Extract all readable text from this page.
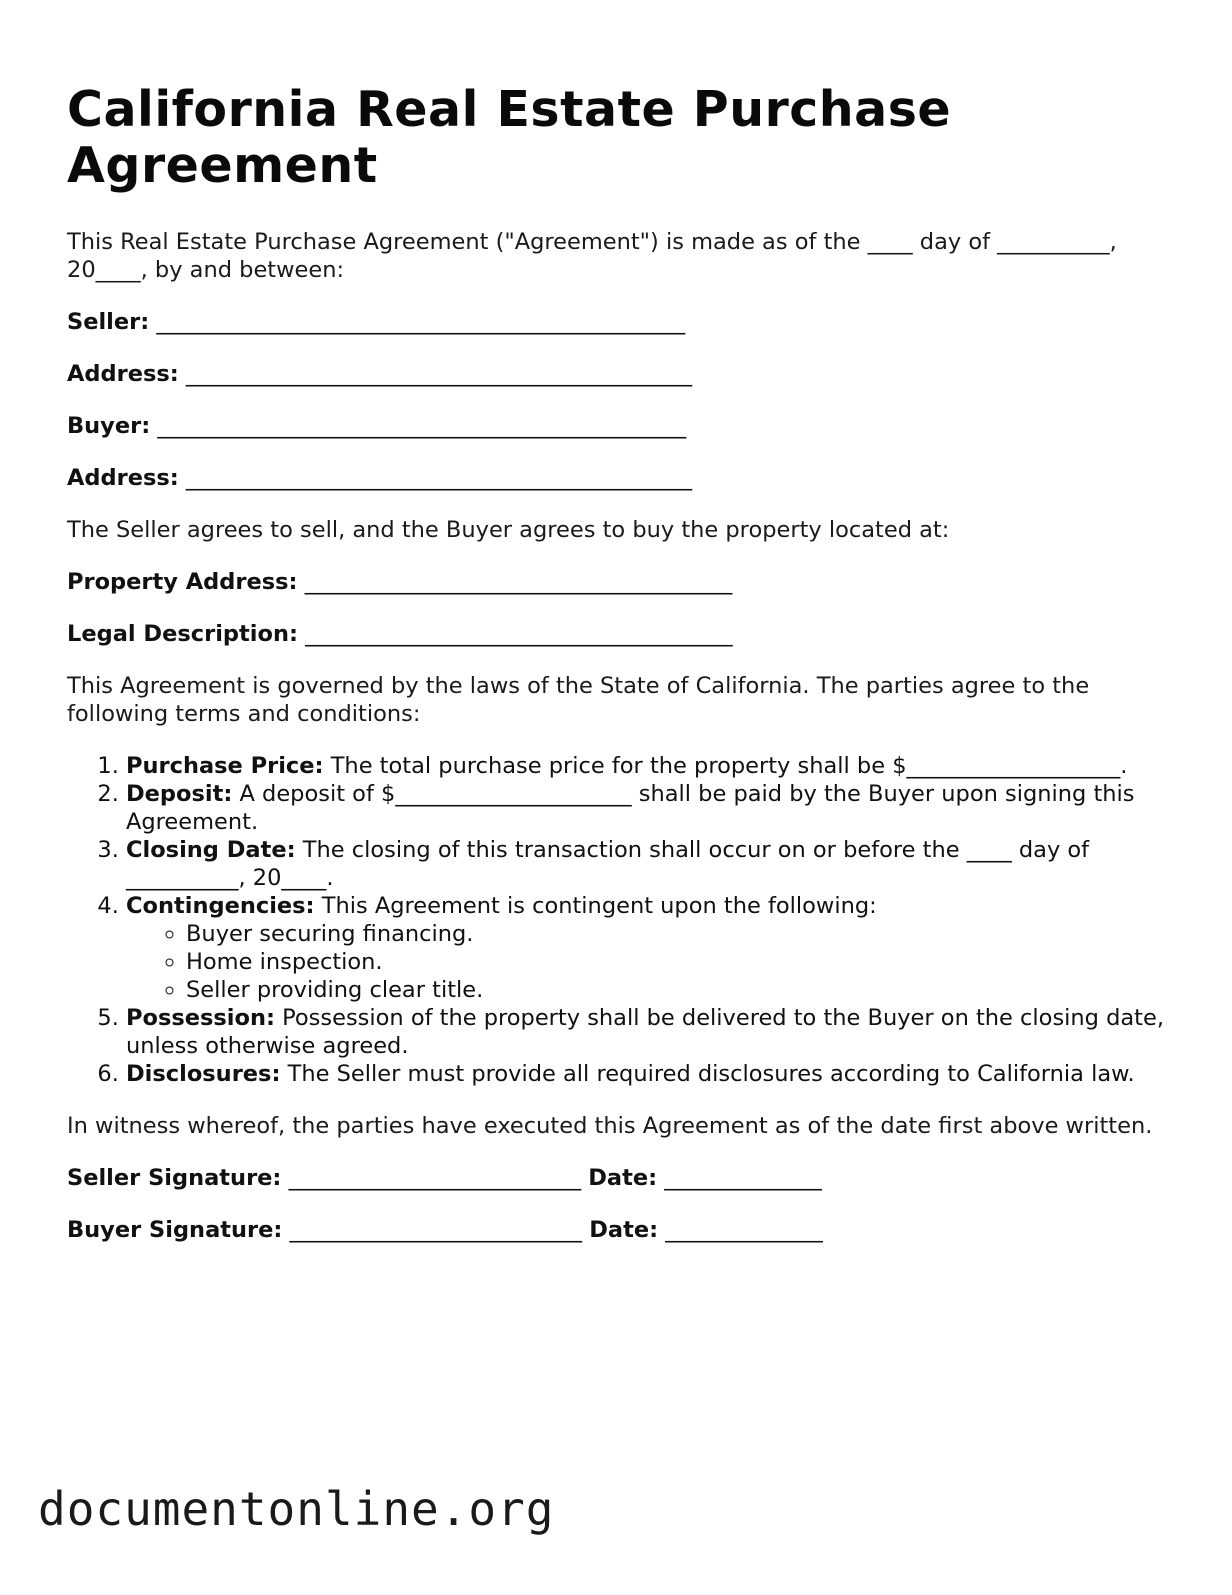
California Real Estate Purchase Agreement

This Real Estate Purchase Agreement ("Agreement") is made as of the ____ day of __________, 20____, by and between:

Seller: _______________________________________________
Address: _____________________________________________
Buyer: _______________________________________________
Address: _____________________________________________

The Seller agrees to sell, and the Buyer agrees to buy the property located at:

Property Address: ______________________________________
Legal Description: ______________________________________

This Agreement is governed by the laws of the State of California. The parties agree to the following terms and conditions:

1. Purchase Price: The total purchase price for the property shall be $___________________.
2. Deposit: A deposit of $_____________________ shall be paid by the Buyer upon signing this Agreement.
3. Closing Date: The closing of this transaction shall occur on or before the ____ day of __________, 20____.
4. Contingencies: This Agreement is contingent upon the following:
◦ Buyer securing financing.
◦ Home inspection.
◦ Seller providing clear title.
5. Possession: Possession of the property shall be delivered to the Buyer on the closing date, unless otherwise agreed.
6. Disclosures: The Seller must provide all required disclosures according to California law.

In witness whereof, the parties have executed this Agreement as of the date first above written.

Seller Signature: __________________________ Date: ______________
Buyer Signature: __________________________ Date: ______________
documentonline.org
